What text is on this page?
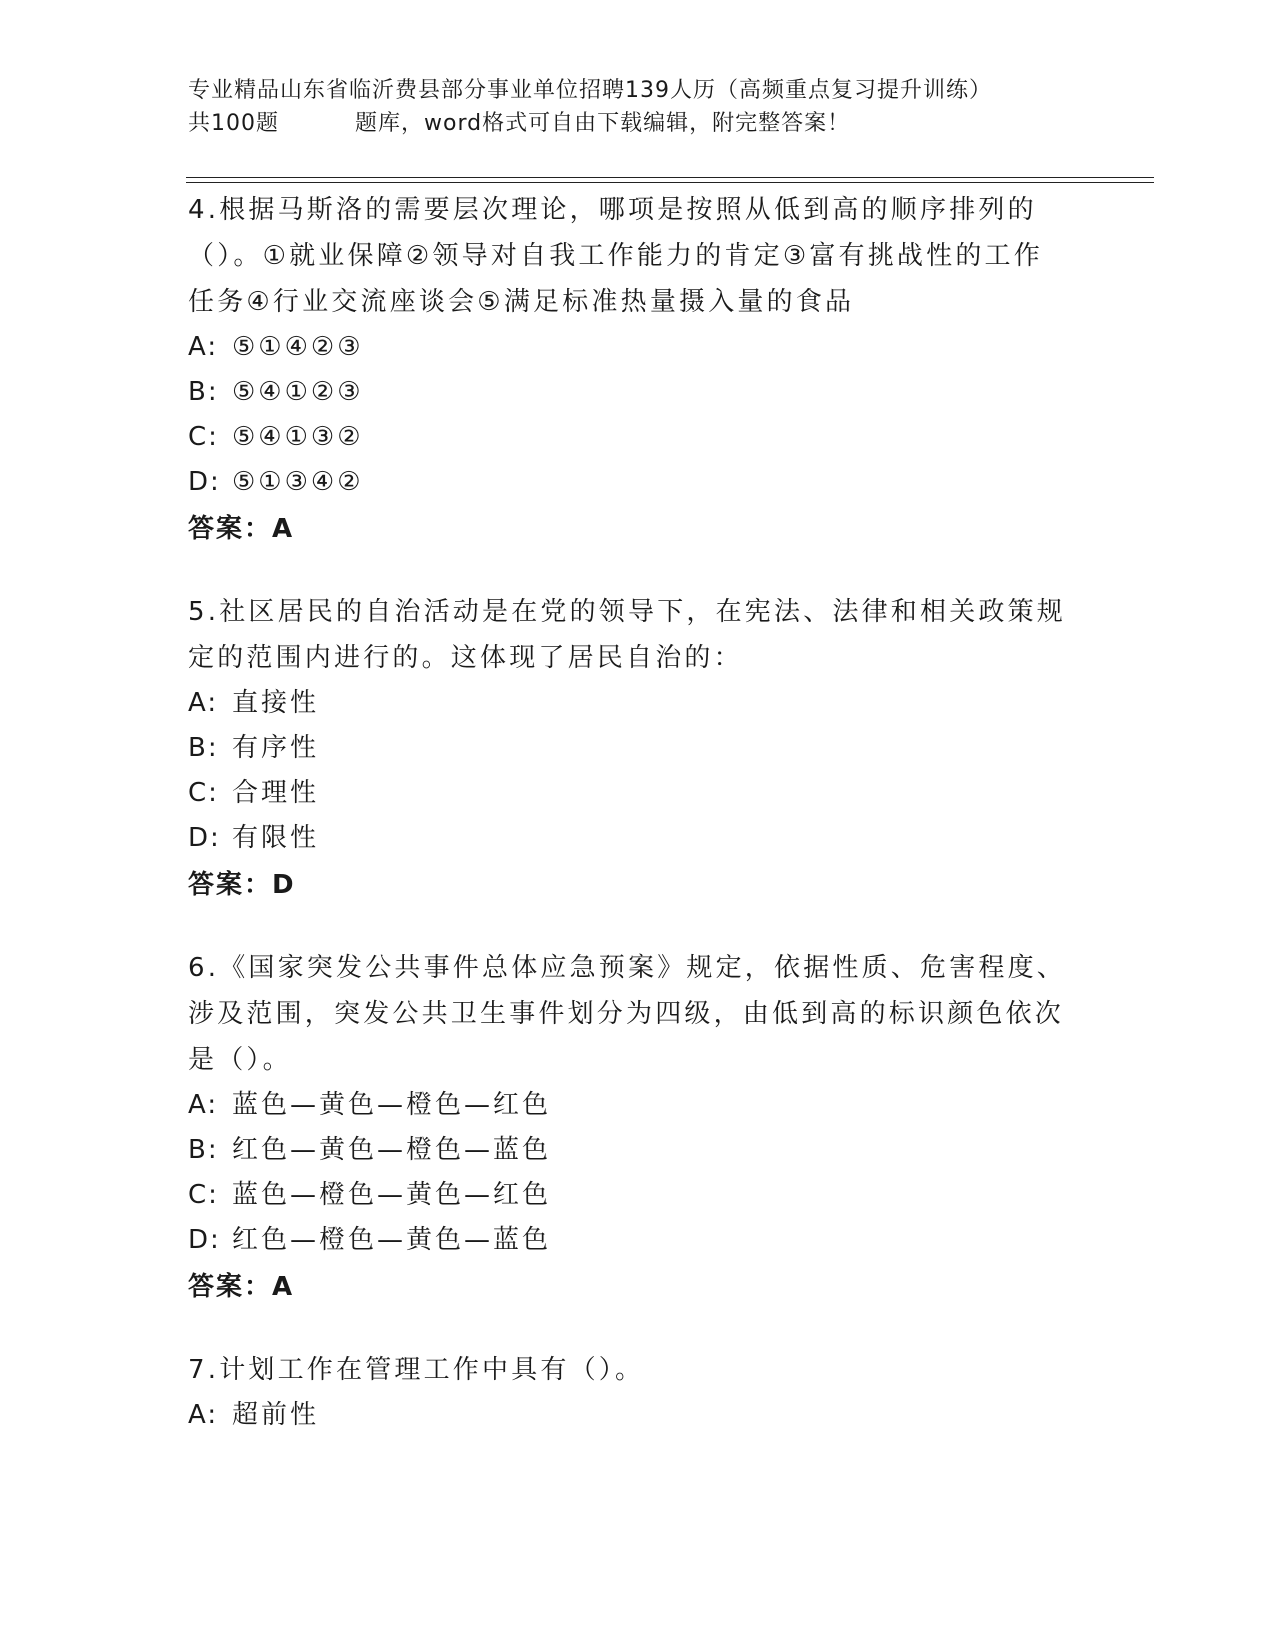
专业精品山东省临沂费县部分事业单位招聘139人历（高频重点复习提升训练）
共100题	题库，word格式可自由下载编辑，附完整答案！
4.根据马斯洛的需要层次理论，哪项是按照从低到高的顺序排列的（）。①就业保障②领导对自我工作能力的肯定③富有挑战性的工作任务④行业交流座谈会⑤满足标准热量摄入量的食品
A: ⑤①④②③
B: ⑤④①②③
C: ⑤④①③②
D: ⑤①③④②
答案：A
5.社区居民的自治活动是在党的领导下，在宪法、法律和相关政策规定的范围内进行的。这体现了居民自治的：
A: 直接性
B: 有序性
C: 合理性
D: 有限性
答案：D
6.《国家突发公共事件总体应急预案》规定，依据性质、危害程度、涉及范围，突发公共卫生事件划分为四级，由低到高的标识颜色依次是（）。
A: 蓝色—黄色—橙色—红色
B: 红色—黄色—橙色—蓝色
C: 蓝色—橙色—黄色—红色
D: 红色—橙色—黄色—蓝色
答案：A
7.计划工作在管理工作中具有（）。
A: 超前性
